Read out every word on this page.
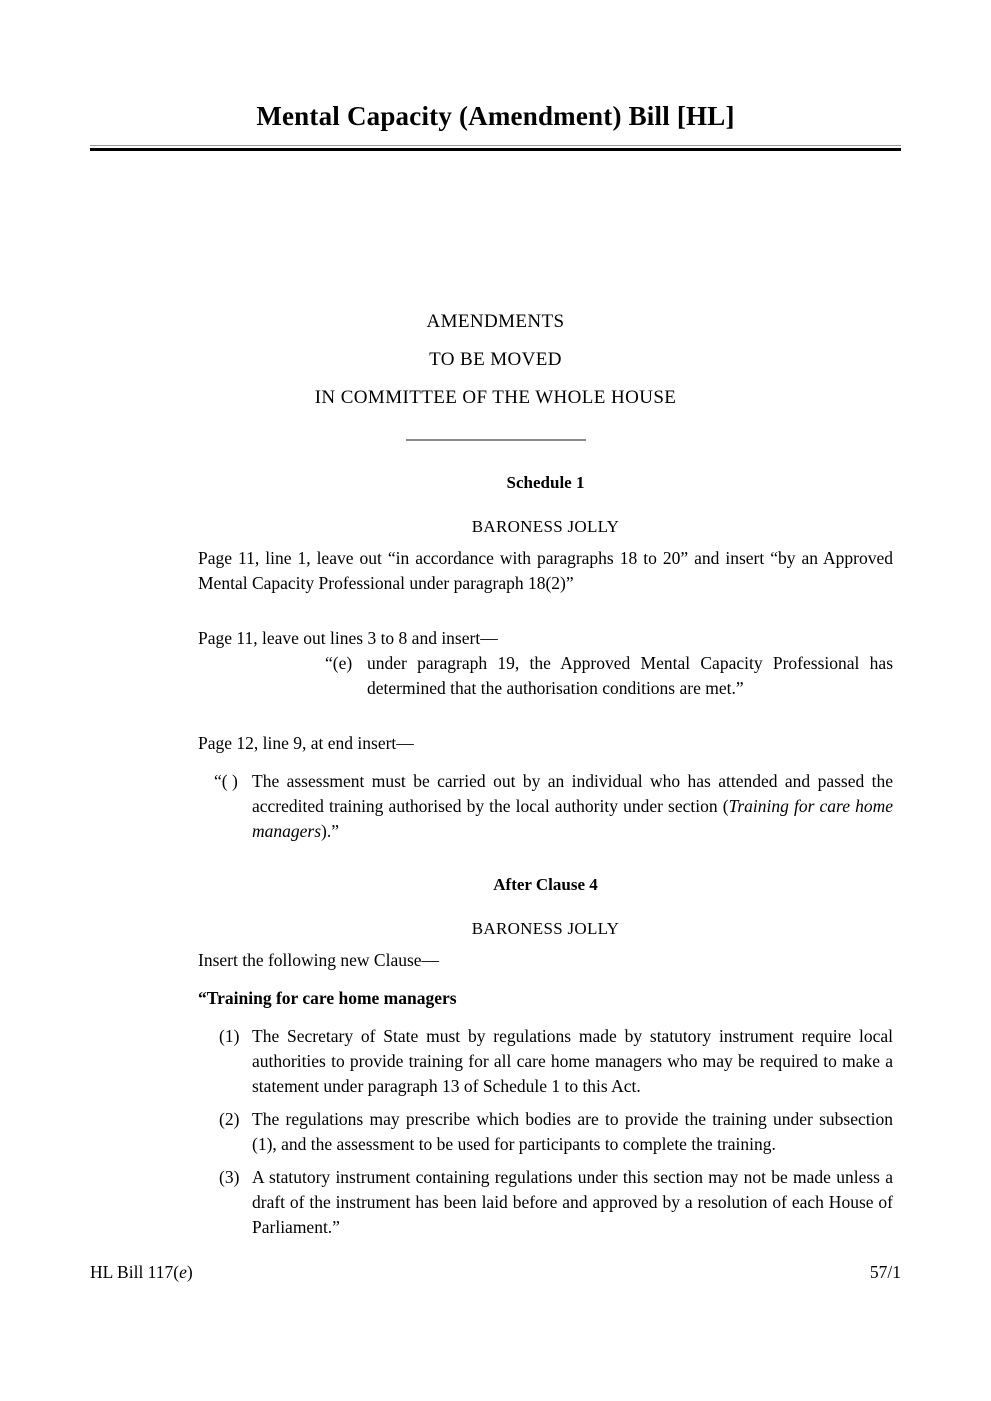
Mental Capacity (Amendment) Bill [HL]
AMENDMENTS
TO BE MOVED
IN COMMITTEE OF THE WHOLE HOUSE
Schedule 1
BARONESS JOLLY

Page 11, line 1, leave out “in accordance with paragraphs 18 to 20” and insert “by an Approved Mental Capacity Professional under paragraph 18(2)”

Page 11, leave out lines 3 to 8 and insert—

“(e) under paragraph 19, the Approved Mental Capacity Professional has determined that the authorisation conditions are met.”

Page 12, line 9, at end insert—

“( ) The assessment must be carried out by an individual who has attended and passed the accredited training authorised by the local authority under section (Training for care home managers).”
After Clause 4
BARONESS JOLLY

Insert the following new Clause—

“Training for care home managers

(1) The Secretary of State must by regulations made by statutory instrument require local authorities to provide training for all care home managers who may be required to make a statement under paragraph 13 of Schedule 1 to this Act.
(2) The regulations may prescribe which bodies are to provide the training under subsection (1), and the assessment to be used for participants to complete the training.
(3) A statutory instrument containing regulations under this section may not be made unless a draft of the instrument has been laid before and approved by a resolution of each House of Parliament.”
HL Bill 117(e)	57/1
